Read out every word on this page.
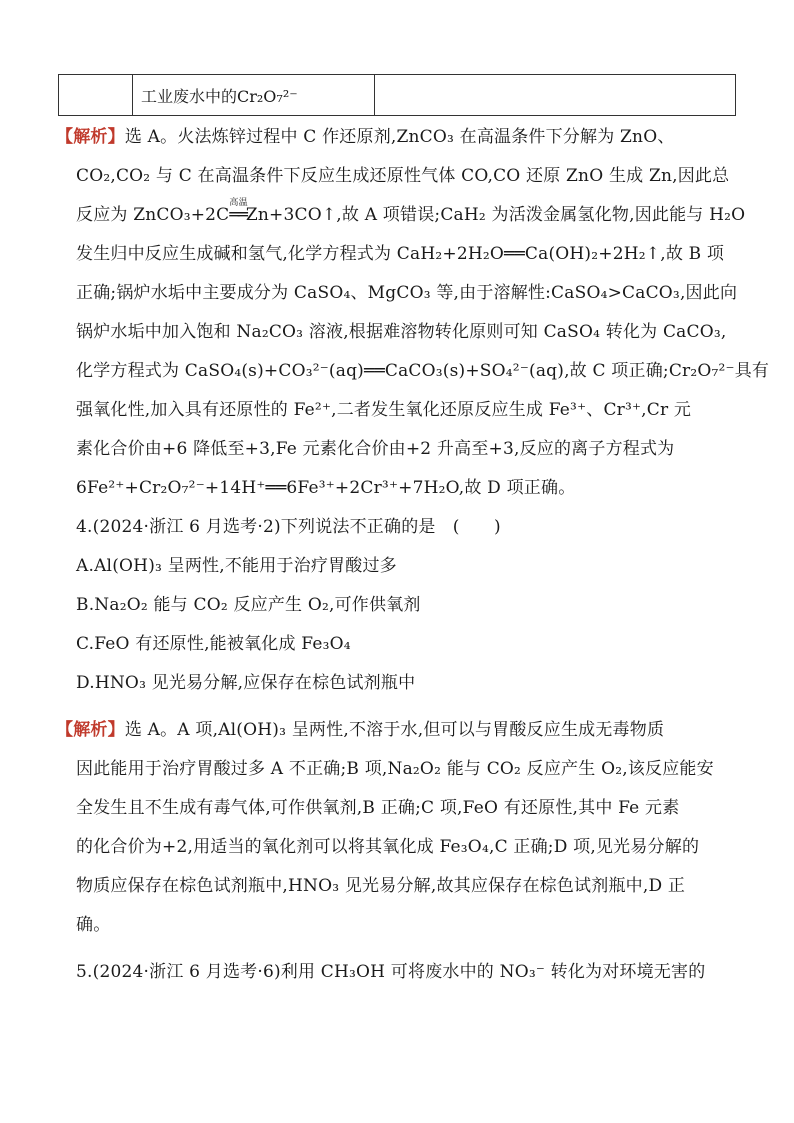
	工业废水中的Cr₂O₇²⁻	
【解析】选 A。火法炼锌过程中 C 作还原剂,ZnCO₃ 在高温条件下分解为 ZnO、
CO₂,CO₂ 与 C 在高温条件下反应生成还原性气体 CO,CO 还原 ZnO 生成 Zn,因此总
反应为 ZnCO₃+2C
高温
══Zn+3CO↑,故 A 项错误;CaH₂ 为活泼金属氢化物,因此能与 H₂O
发生归中反应生成碱和氢气,化学方程式为 CaH₂+2H₂O══Ca(OH)₂+2H₂↑,故 B 项
正确;锅炉水垢中主要成分为 CaSO₄、MgCO₃ 等,由于溶解性:CaSO₄>CaCO₃,因此向
锅炉水垢中加入饱和 Na₂CO₃ 溶液,根据难溶物转化原则可知 CaSO₄ 转化为 CaCO₃,
化学方程式为 CaSO₄(s)+CO₃²⁻(aq)══CaCO₃(s)+SO₄²⁻(aq),故 C 项正确;Cr₂O₇²⁻具有
强氧化性,加入具有还原性的 Fe²⁺,二者发生氧化还原反应生成 Fe³⁺、Cr³⁺,Cr 元
素化合价由+6 降低至+3,Fe 元素化合价由+2 升高至+3,反应的离子方程式为
6Fe²⁺+Cr₂O₇²⁻+14H⁺══6Fe³⁺+2Cr³⁺+7H₂O,故 D 项正确。
4.(2024·浙江 6 月选考·2)下列说法不正确的是　(　　)
A.Al(OH)₃ 呈两性,不能用于治疗胃酸过多
B.Na₂O₂ 能与 CO₂ 反应产生 O₂,可作供氧剂
C.FeO 有还原性,能被氧化成 Fe₃O₄
D.HNO₃ 见光易分解,应保存在棕色试剂瓶中
【解析】选 A。A 项,Al(OH)₃ 呈两性,不溶于水,但可以与胃酸反应生成无毒物质
因此能用于治疗胃酸过多 A 不正确;B 项,Na₂O₂ 能与 CO₂ 反应产生 O₂,该反应能安
全发生且不生成有毒气体,可作供氧剂,B 正确;C 项,FeO 有还原性,其中 Fe 元素
的化合价为+2,用适当的氧化剂可以将其氧化成 Fe₃O₄,C 正确;D 项,见光易分解的
物质应保存在棕色试剂瓶中,HNO₃ 见光易分解,故其应保存在棕色试剂瓶中,D 正
确。
5.(2024·浙江 6 月选考·6)利用 CH₃OH 可将废水中的 NO₃⁻ 转化为对环境无害的
